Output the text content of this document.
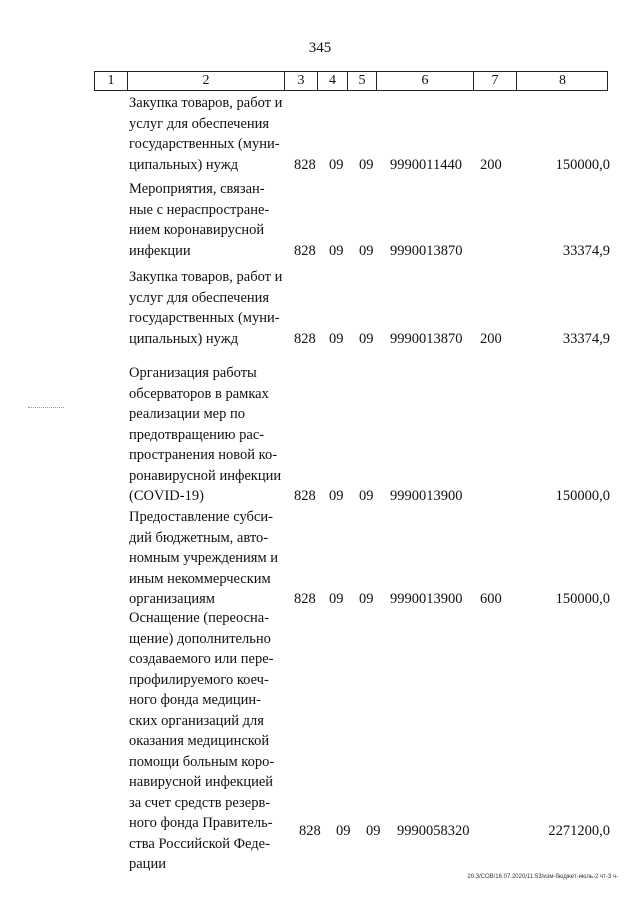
345
1	2	3	4	5	6	7	8
Закупка товаров, работ и
услуг для обеспечения
государственных (муни-
ципальных) нужд	828 09 09 9990011440 200	150000,0
Мероприятия, связан-
ные с нераспростране-
нием коронавирусной
инфекции	828 09 09 9990013870	33374,9
Закупка товаров, работ и
услуг для обеспечения
государственных (муни-
ципальных) нужд	828 09 09 9990013870 200	33374,9
Организация работы
обсерваторов в рамках
реализации мер по
предотвращению рас-
пространения новой ко-
ронавирусной инфекции
(COVID-19)	828 09 09 9990013900	150000,0
Предоставление субси-
дий бюджетным, авто-
номным учреждениям и
иным некоммерческим
организациям	828 09 09 9990013900 600	150000,0
Оснащение (переосна-
щение) дополнительно
создаваемого или пере-
профилируемого коеч-
ного фонда медицин-
ских организаций для
оказания медицинской
помощи больным коро-
навирусной инфекцией
за счет средств резерв-
ного фонда Правитель-
ства Российской Феде-
рации
828 09 09 9990058320	2271200,0
20.3/СОВ/16.07.2020/11:53/изм-бюджет-июль-2 чт-3 ч-
